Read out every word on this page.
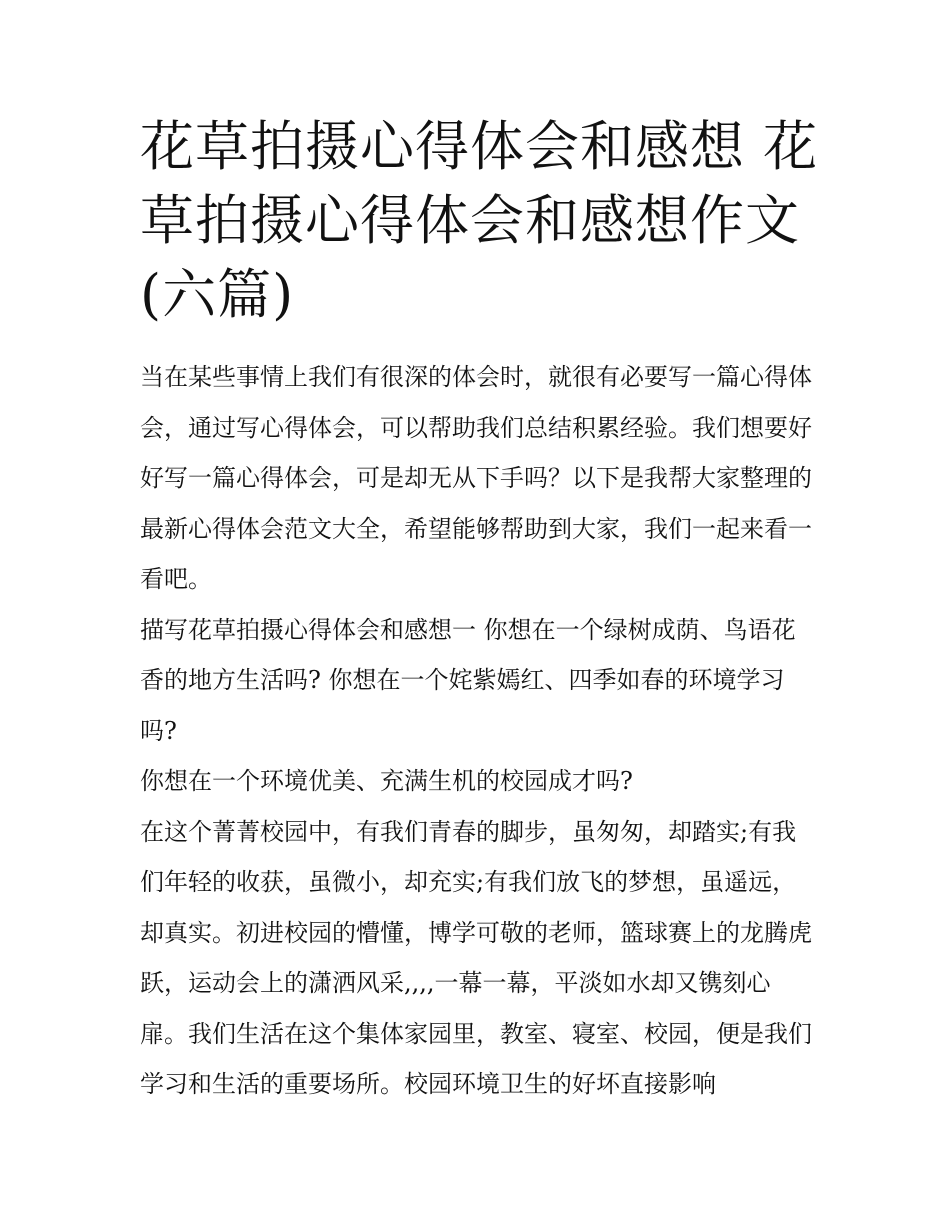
花草拍摄心得体会和感想 花草拍摄心得体会和感想作文(六篇)

当在某些事情上我们有很深的体会时，就很有必要写一篇心得体会，通过写心得体会，可以帮助我们总结积累经验。我们想要好好写一篇心得体会，可是却无从下手吗？以下是我帮大家整理的最新心得体会范文大全，希望能够帮助到大家，我们一起来看一看吧。

描写花草拍摄心得体会和感想一 你想在一个绿树成荫、鸟语花香的地方生活吗? 你想在一个姹紫嫣红、四季如春的环境学习吗?

你想在一个环境优美、充满生机的校园成才吗?

在这个菁菁校园中，有我们青春的脚步，虽匆匆，却踏实;有我们年轻的收获，虽微小，却充实;有我们放飞的梦想，虽遥远，却真实。初进校园的懵懂，博学可敬的老师，篮球赛上的龙腾虎跃，运动会上的潇洒风采,,,,一幕一幕，平淡如水却又镌刻心扉。我们生活在这个集体家园里，教室、寝室、校园，便是我们学习和生活的重要场所。校园环境卫生的好坏直接影响
